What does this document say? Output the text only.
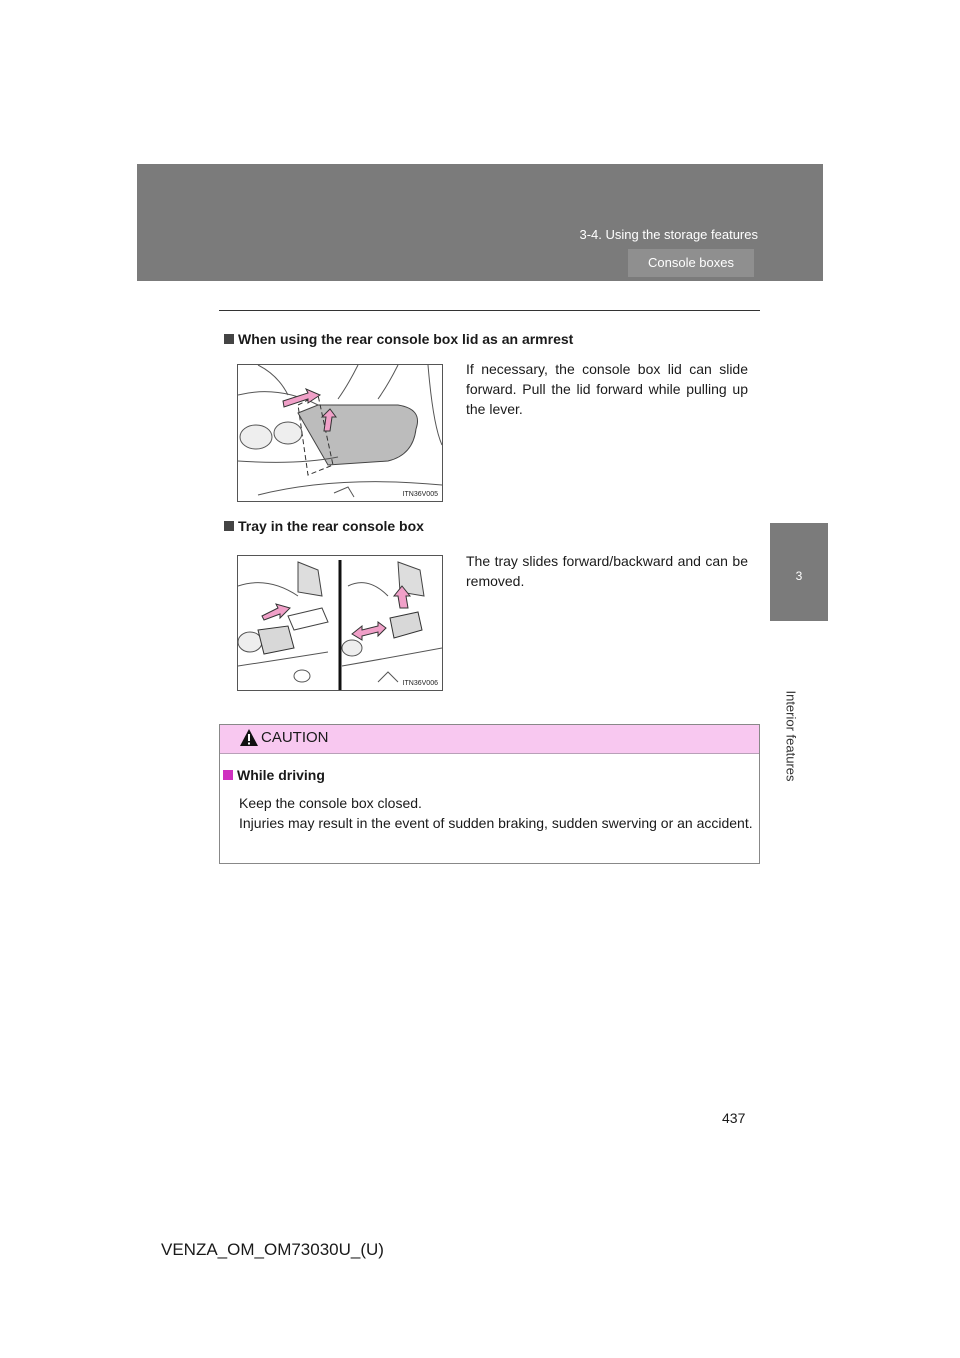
3-4. Using the storage features
Console boxes
3
Interior features
When using the rear console box lid as an armrest
ITN36V005
If necessary, the console box lid can slide forward. Pull the lid forward while pulling up the lever.
Tray in the rear console box
ITN36V006
The tray slides forward/backward and can be removed.
CAUTION
While driving
Keep the console box closed.
Injuries may result in the event of sudden braking, sudden swerving or an accident.
437
VENZA_OM_OM73030U_(U)
